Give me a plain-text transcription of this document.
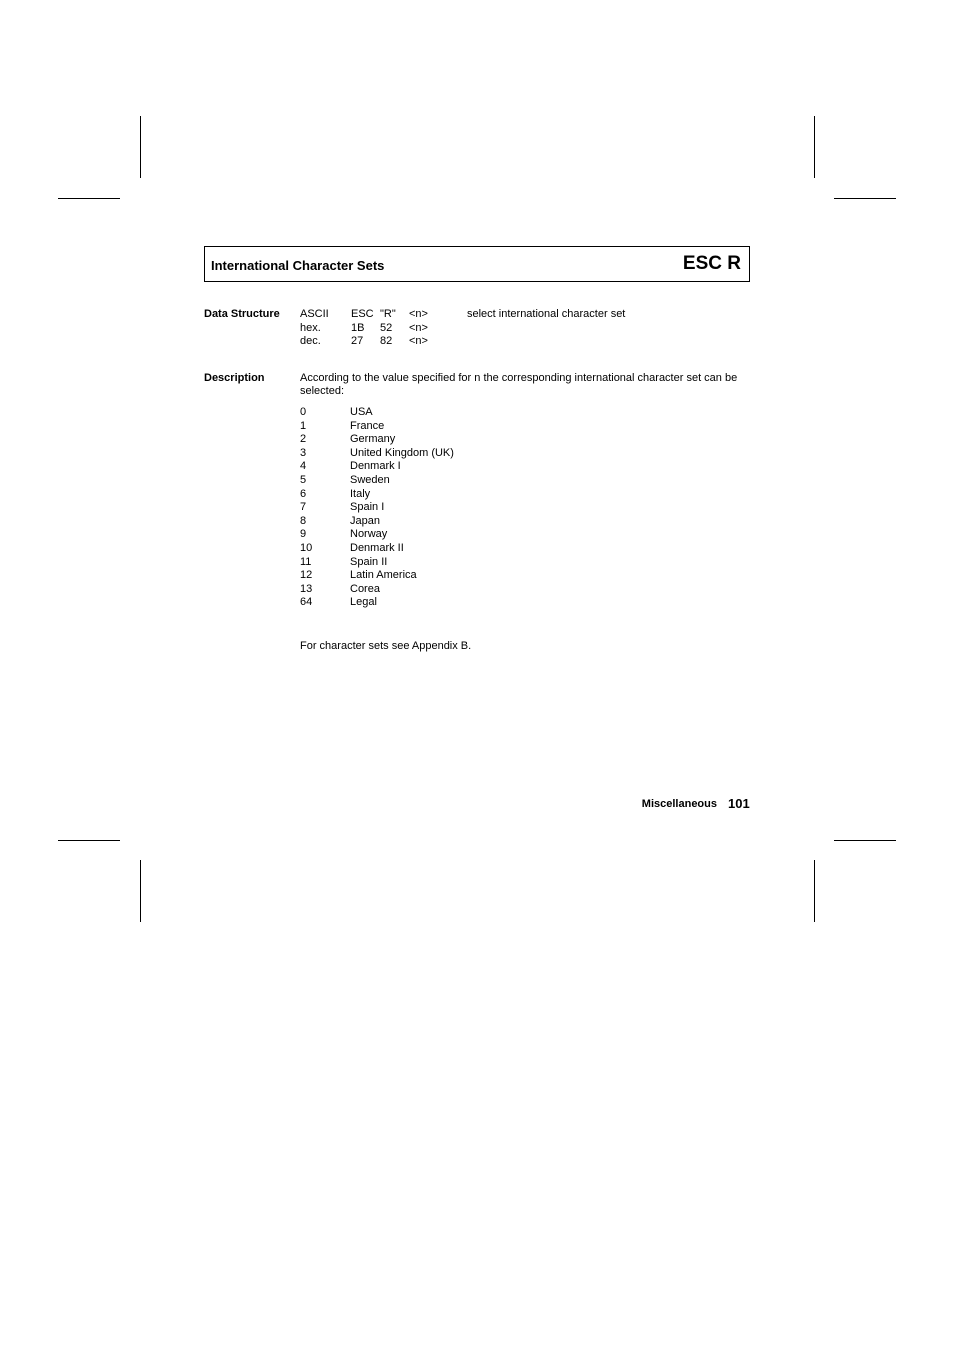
International Character Sets	ESC R
Data Structure ASCII ESC "R" <n>	select international character set
hex.	1B 52 <n>
dec.	27 82 <n>
Description	According to the value specified for n the corresponding international character set can be selected:
0	USA
1	France
2	Germany
3	United Kingdom (UK)
4	Denmark I
5	Sweden
6	Italy
7	Spain I
8	Japan
9	Norway
10	Denmark II
11	Spain II
12	Latin America
13	Corea
64	Legal
For character sets see Appendix B.
Miscellaneous 101
